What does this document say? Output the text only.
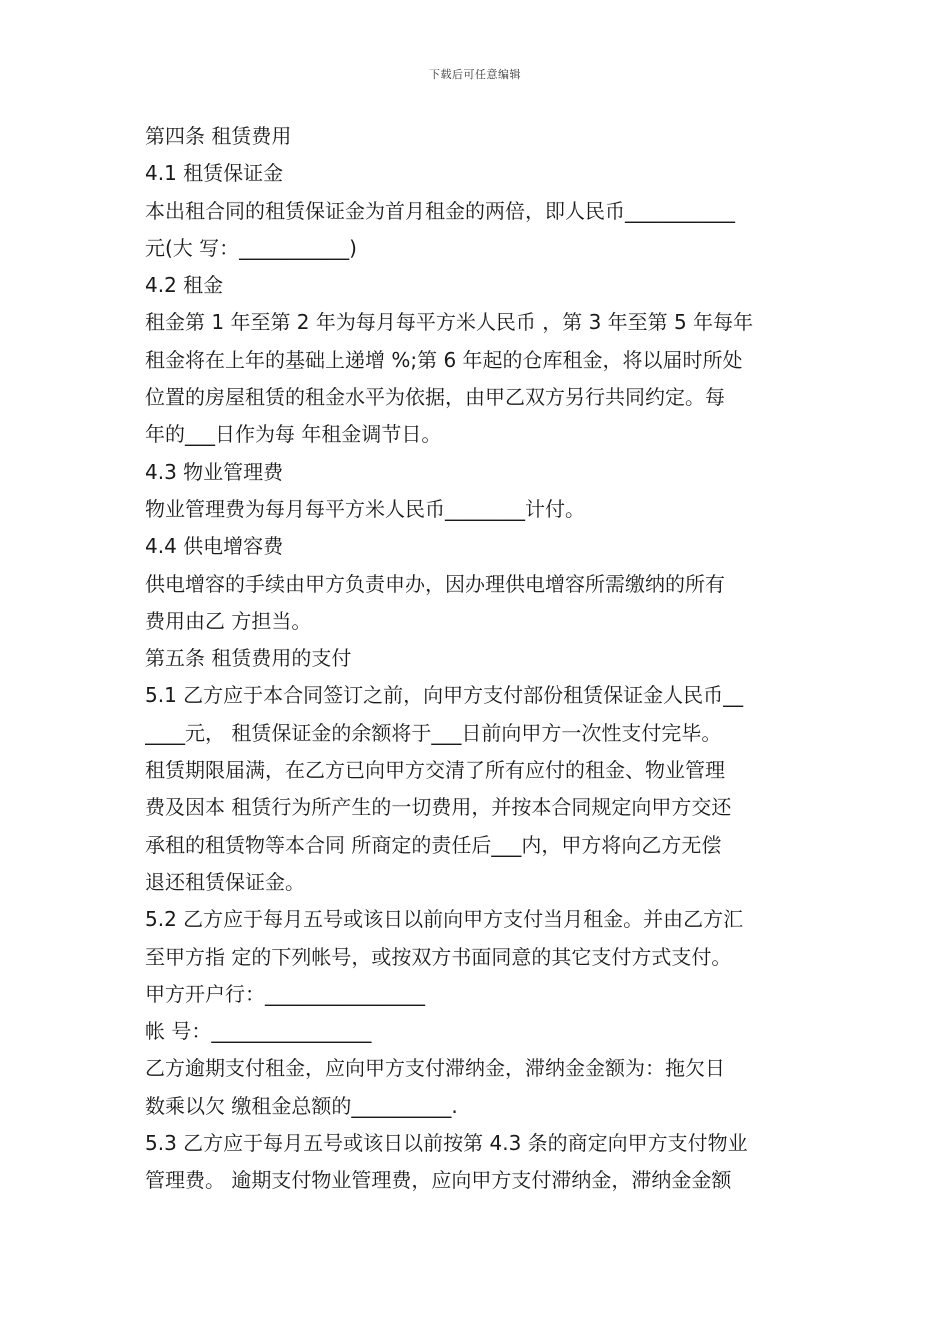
下载后可任意编辑
第四条 租赁费用
4.1 租赁保证金
本出租合同的租赁保证金为首月租金的两倍，即人民币___________
元(大 写：___________)
4.2 租金
租金第 1 年至第 2 年为每月每平方米人民币 ，第 3 年至第 5 年每年
租金将在上年的基础上递增 %;第 6 年起的仓库租金，将以届时所处
位置的房屋租赁的租金水平为依据，由甲乙双方另行共同约定。每
年的___日作为每 年租金调节日。
4.3 物业管理费
物业管理费为每月每平方米人民币________计付。
4.4 供电增容费
供电增容的手续由甲方负责申办，因办理供电增容所需缴纳的所有
费用由乙 方担当。
第五条 租赁费用的支付
5.1 乙方应于本合同签订之前，向甲方支付部份租赁保证金人民币__
____元， 租赁保证金的余额将于___日前向甲方一次性支付完毕。
租赁期限届满，在乙方已向甲方交清了所有应付的租金、物业管理
费及因本 租赁行为所产生的一切费用，并按本合同规定向甲方交还
承租的租赁物等本合同 所商定的责任后___内，甲方将向乙方无偿
退还租赁保证金。
5.2 乙方应于每月五号或该日以前向甲方支付当月租金。并由乙方汇
至甲方指 定的下列帐号，或按双方书面同意的其它支付方式支付。
甲方开户行：________________
帐 号：________________
乙方逾期支付租金，应向甲方支付滞纳金，滞纳金金额为：拖欠日
数乘以欠 缴租金总额的__________.
5.3 乙方应于每月五号或该日以前按第 4.3 条的商定向甲方支付物业
管理费。 逾期支付物业管理费，应向甲方支付滞纳金，滞纳金金额
